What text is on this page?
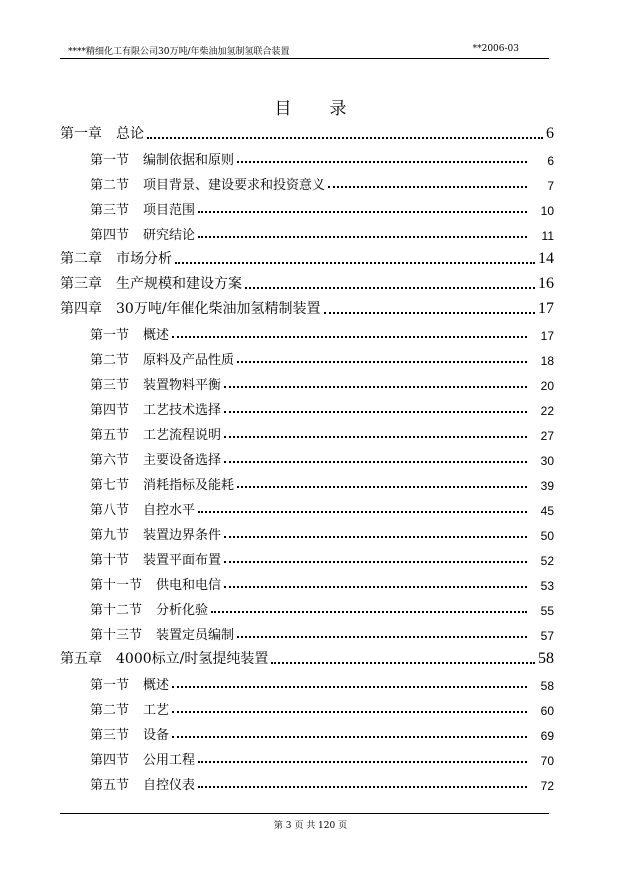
****精细化工有限公司30万吨/年柴油加氢制氢联合装置	**2006-03
目录
第一章 总论	6
第一节 编制依据和原则	6
第二节 项目背景、建设要求和投资意义	7
第三节 项目范围	10
第四节 研究结论	11
第二章 市场分析	14
第三章 生产规模和建设方案	16
第四章 30万吨/年催化柴油加氢精制装置	17
第一节 概述	17
第二节 原料及产品性质	18
第三节 装置物料平衡	20
第四节 工艺技术选择	22
第五节 工艺流程说明	27
第六节 主要设备选择	30
第七节 消耗指标及能耗	39
第八节 自控水平	45
第九节 装置边界条件	50
第十节 装置平面布置	52
第十一节 供电和电信	53
第十二节 分析化验	55
第十三节 装置定员编制	57
第五章 4000标立/时氢提纯装置	58
第一节 概述	58
第二节 工艺	60
第三节 设备	69
第四节 公用工程	70
第五节 自控仪表	72
第 3 页 共 120 页
